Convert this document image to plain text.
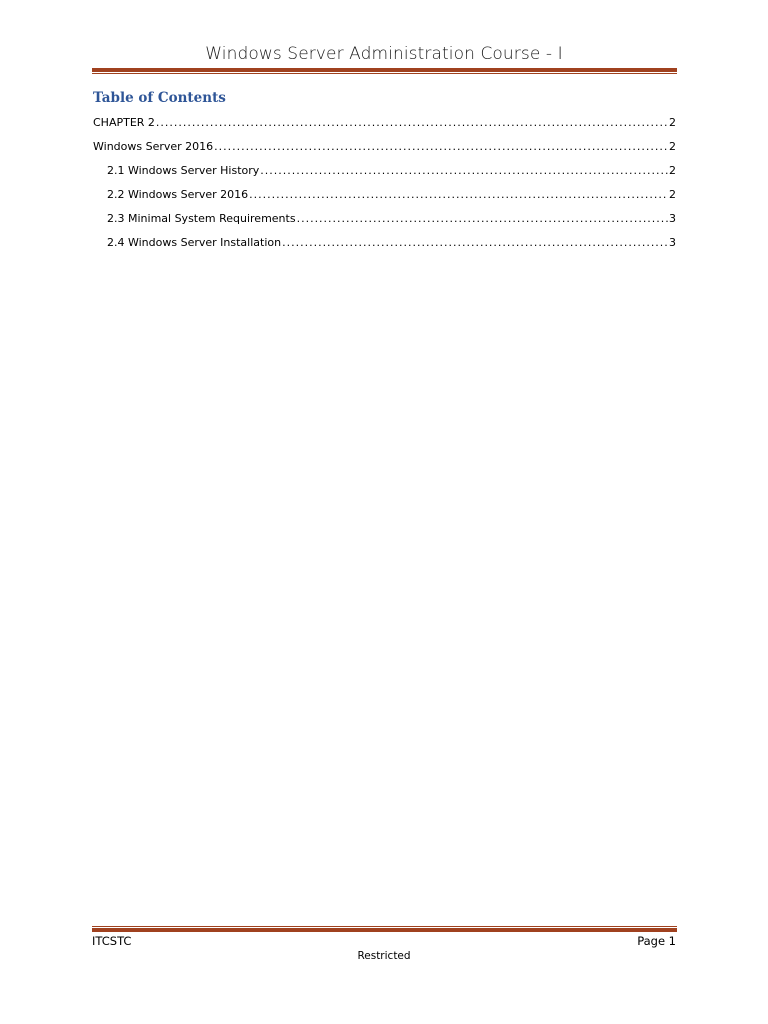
Windows Server Administration Course - I
Table of Contents
CHAPTER 2 .....	2
Windows Server 2016 .....	2
2.1 Windows Server History .....	2
2.2 Windows Server 2016 .....	2
2.3 Minimal System Requirements .....	3
2.4 Windows Server Installation .....	3
ITCSTC	Page 1
Restricted
